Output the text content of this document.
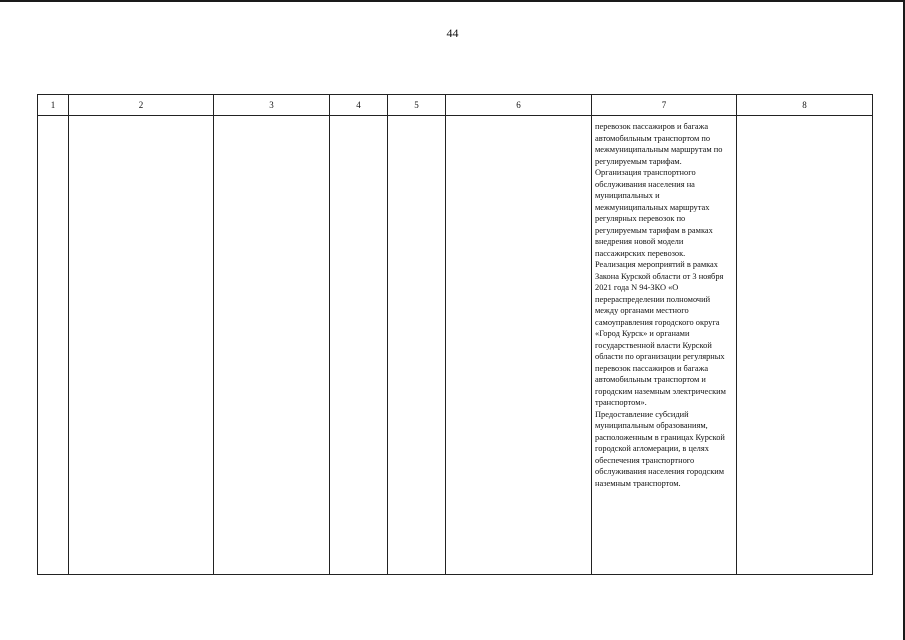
44
1	2	3	4	5	6	7	8

						перевозок пассажиров и багажа автомобильным транспортом по межмуниципальным маршрутам по регулируемым тарифам.
Организация транспортного обслуживания населения на муниципальных и межмуниципальных маршрутах регулярных перевозок по регулируемым тарифам в рамках внедрения новой модели пассажирских перевозок.
Реализация мероприятий в рамках Закона Курской области от 3 ноября 2021 года N 94-ЗКО «О перераспределении полномочий между органами местного самоуправления городского округа «Город Курск» и органами государственной власти Курской области по организации регулярных перевозок пассажиров и багажа автомобильным транспортом и городским наземным электрическим транспортом».
Предоставление субсидий муниципальным образованиям, расположенным в границах Курской городской агломерации, в целях обеспечения транспортного обслуживания населения городским наземным транспортом.	
